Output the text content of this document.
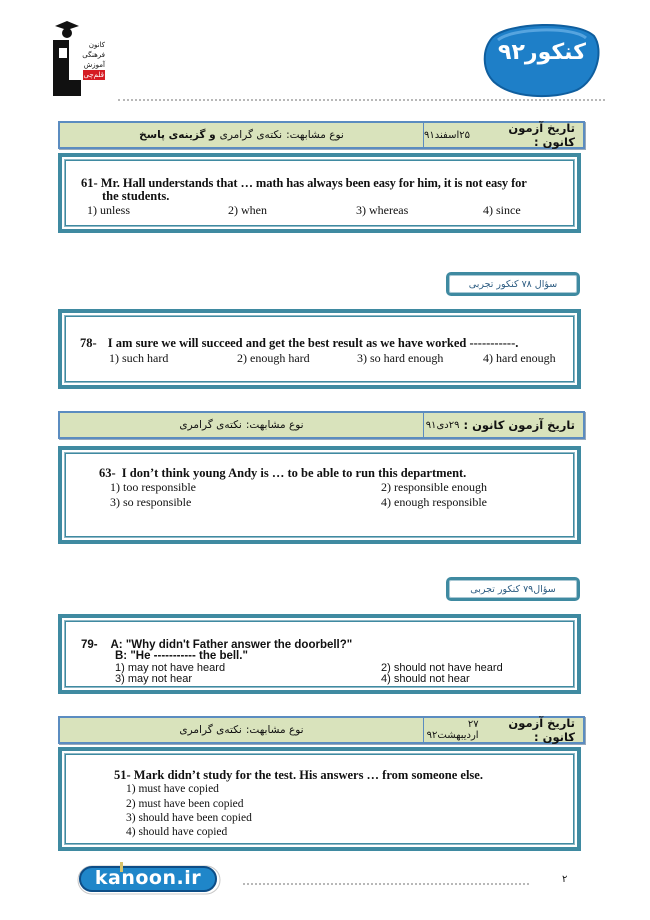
کانون
فرهنگی
آموزش
قلم‌چی
کنکور۹۲
تاریخ آزمون کانون :
۲۵اسفند۹۱
نوع مشابهت:
نکته‌ی گرامری
و گزینه‌ی پاسخ
61- Mr. Hall understands that … math has always been easy for him, it is not easy for
the students.
1) unless	2) when	3) whereas	4) since
سؤال ۷۸ کنکور تجربی
78- I am sure we will succeed and get the best result as we have worked -----------.
1) such hard	2) enough hard	3) so hard enough	4) hard enough
تاریخ آزمون کانون :
۲۹دی۹۱
نوع مشابهت:
نکته‌ی گرامری
63- I don’t think young Andy is … to be able to run this department.
1) too responsible	2) responsible enough
3) so responsible	4) enough responsible
سؤال۷۹ کنکور تجربی
79- A: "Why didn't Father answer the doorbell?"
B: "He ----------- the bell."
1) may not have heard	2) should not have heard
3) may not hear	4) should not hear
تاریخ آزمون کانون :
۲۷ اردیبهشت۹۲
نوع مشابهت:
نکته‌ی گرامری
51- Mark didn’t study for the test. His answers … from someone else.
1) must have copied
2) must have been copied
3) should have been copied
4) should have copied
kanoon.ir	۲
